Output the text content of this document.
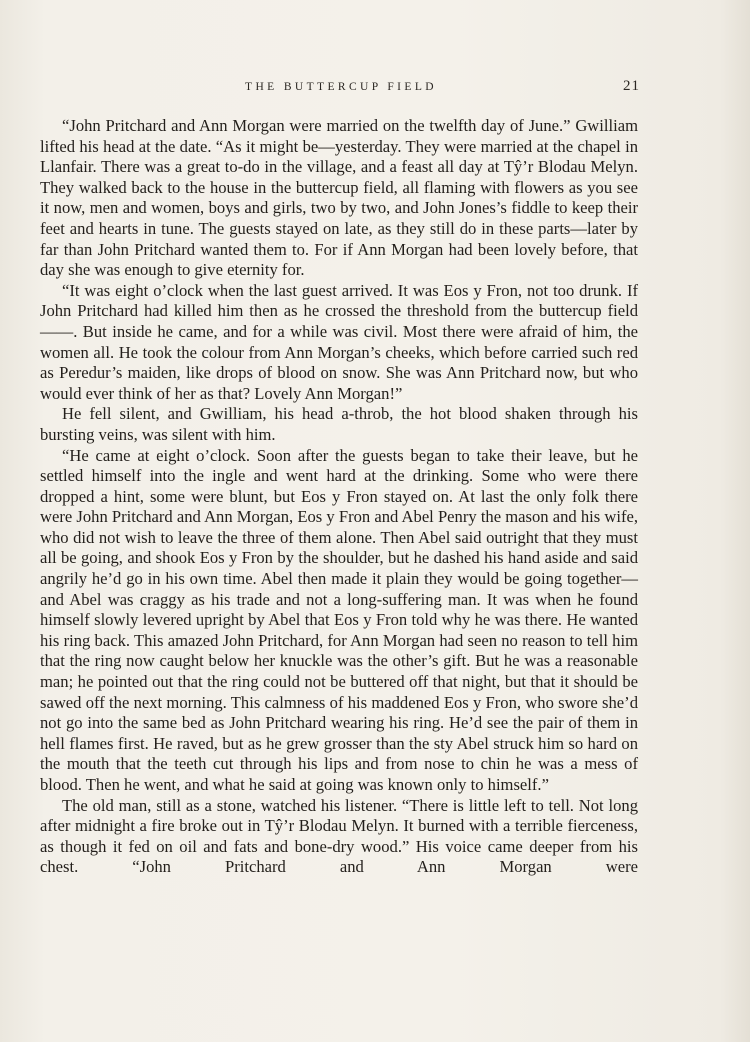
THE BUTTERCUP FIELD	21

“John Pritchard and Ann Morgan were married on the twelfth day of June.” Gwilliam lifted his head at the date. “As it might be—yesterday. They were married at the chapel in Llanfair. There was a great to-do in the village, and a feast all day at Tŷ’r Blodau Melyn. They walked back to the house in the buttercup field, all flaming with flowers as you see it now, men and women, boys and girls, two by two, and John Jones’s fiddle to keep their feet and hearts in tune. The guests stayed on late, as they still do in these parts—later by far than John Pritchard wanted them to. For if Ann Morgan had been lovely before, that day she was enough to give eternity for.

“It was eight o’clock when the last guest arrived. It was Eos y Fron, not too drunk. If John Pritchard had killed him then as he crossed the threshold from the buttercup field——. But inside he came, and for a while was civil. Most there were afraid of him, the women all. He took the colour from Ann Morgan’s cheeks, which before carried such red as Peredur’s maiden, like drops of blood on snow. She was Ann Pritchard now, but who would ever think of her as that? Lovely Ann Morgan!”

He fell silent, and Gwilliam, his head a-throb, the hot blood shaken through his bursting veins, was silent with him.

“He came at eight o’clock. Soon after the guests began to take their leave, but he settled himself into the ingle and went hard at the drinking. Some who were there dropped a hint, some were blunt, but Eos y Fron stayed on. At last the only folk there were John Pritchard and Ann Morgan, Eos y Fron and Abel Penry the mason and his wife, who did not wish to leave the three of them alone. Then Abel said outright that they must all be going, and shook Eos y Fron by the shoulder, but he dashed his hand aside and said angrily he’d go in his own time. Abel then made it plain they would be going together—and Abel was craggy as his trade and not a long-suffering man. It was when he found himself slowly levered upright by Abel that Eos y Fron told why he was there. He wanted his ring back. This amazed John Pritchard, for Ann Morgan had seen no reason to tell him that the ring now caught below her knuckle was the other’s gift. But he was a reasonable man; he pointed out that the ring could not be buttered off that night, but that it should be sawed off the next morning. This calmness of his maddened Eos y Fron, who swore she’d not go into the same bed as John Pritchard wearing his ring. He’d see the pair of them in hell flames first. He raved, but as he grew grosser than the sty Abel struck him so hard on the mouth that the teeth cut through his lips and from nose to chin he was a mess of blood. Then he went, and what he said at going was known only to himself.”

The old man, still as a stone, watched his listener. “There is little left to tell. Not long after midnight a fire broke out in Tŷ’r Blodau Melyn. It burned with a terrible fierceness, as though it fed on oil and fats and bone-dry wood.” His voice came deeper from his chest. “John Pritchard and Ann Morgan were
